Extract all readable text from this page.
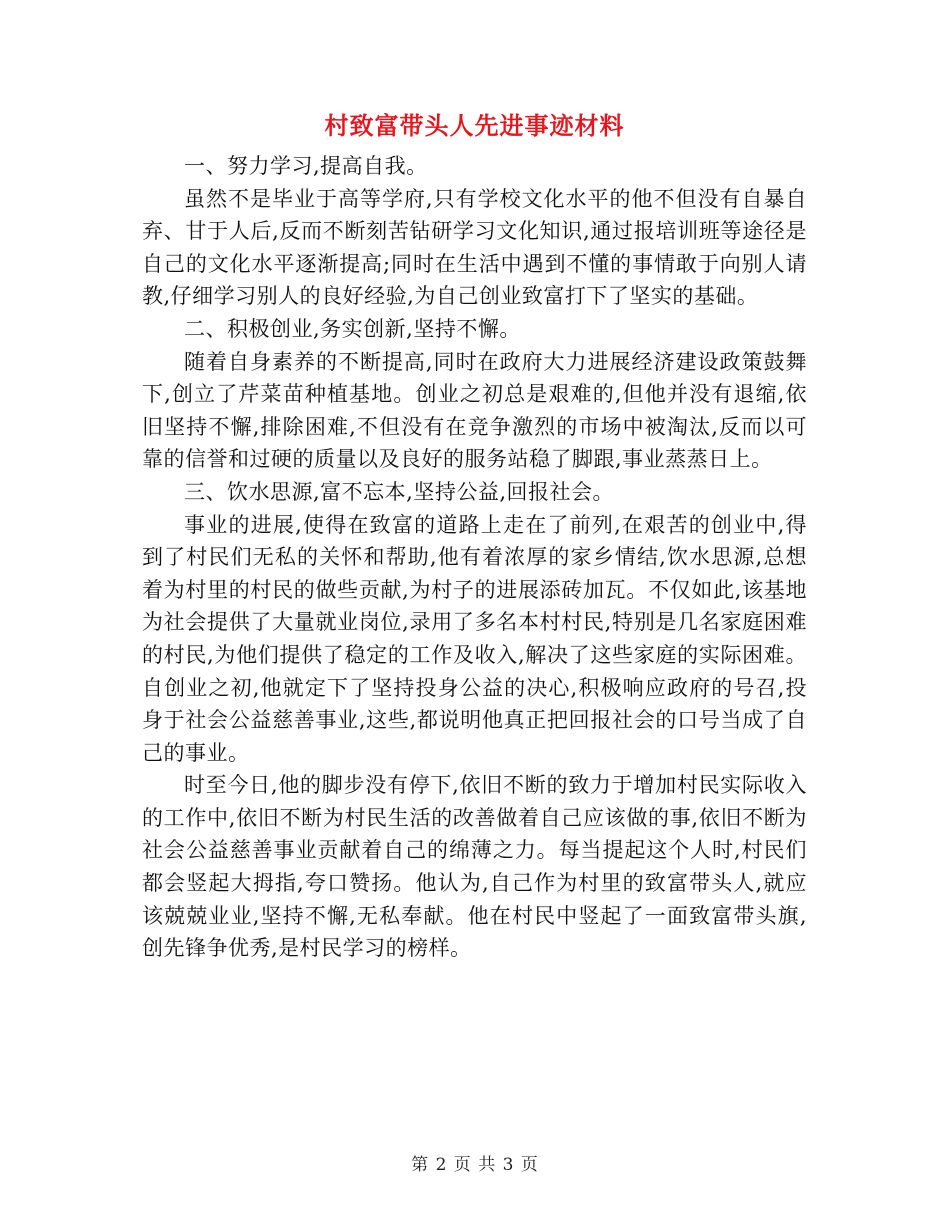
村致富带头人先进事迹材料

一、努力学习,提高自我。

虽然不是毕业于高等学府,只有学校文化水平的他不但没有自暴自弃、甘于人后,反而不断刻苦钻研学习文化知识,通过报培训班等途径是自己的文化水平逐渐提高;同时在生活中遇到不懂的事情敢于向别人请教,仔细学习别人的良好经验,为自己创业致富打下了坚实的基础。

二、积极创业,务实创新,坚持不懈。

随着自身素养的不断提高,同时在政府大力进展经济建设政策鼓舞下,创立了芹菜苗种植基地。创业之初总是艰难的,但他并没有退缩,依旧坚持不懈,排除困难,不但没有在竞争激烈的市场中被淘汰,反而以可靠的信誉和过硬的质量以及良好的服务站稳了脚跟,事业蒸蒸日上。

三、饮水思源,富不忘本,坚持公益,回报社会。

事业的进展,使得在致富的道路上走在了前列,在艰苦的创业中,得到了村民们无私的关怀和帮助,他有着浓厚的家乡情结,饮水思源,总想着为村里的村民的做些贡献,为村子的进展添砖加瓦。不仅如此,该基地为社会提供了大量就业岗位,录用了多名本村村民,特别是几名家庭困难的村民,为他们提供了稳定的工作及收入,解决了这些家庭的实际困难。自创业之初,他就定下了坚持投身公益的决心,积极响应政府的号召,投身于社会公益慈善事业,这些,都说明他真正把回报社会的口号当成了自己的事业。

时至今日,他的脚步没有停下,依旧不断的致力于增加村民实际收入的工作中,依旧不断为村民生活的改善做着自己应该做的事,依旧不断为社会公益慈善事业贡献着自己的绵薄之力。每当提起这个人时,村民们都会竖起大拇指,夸口赞扬。他认为,自己作为村里的致富带头人,就应该兢兢业业,坚持不懈,无私奉献。他在村民中竖起了一面致富带头旗,创先锋争优秀,是村民学习的榜样。

第 2 页 共 3 页
